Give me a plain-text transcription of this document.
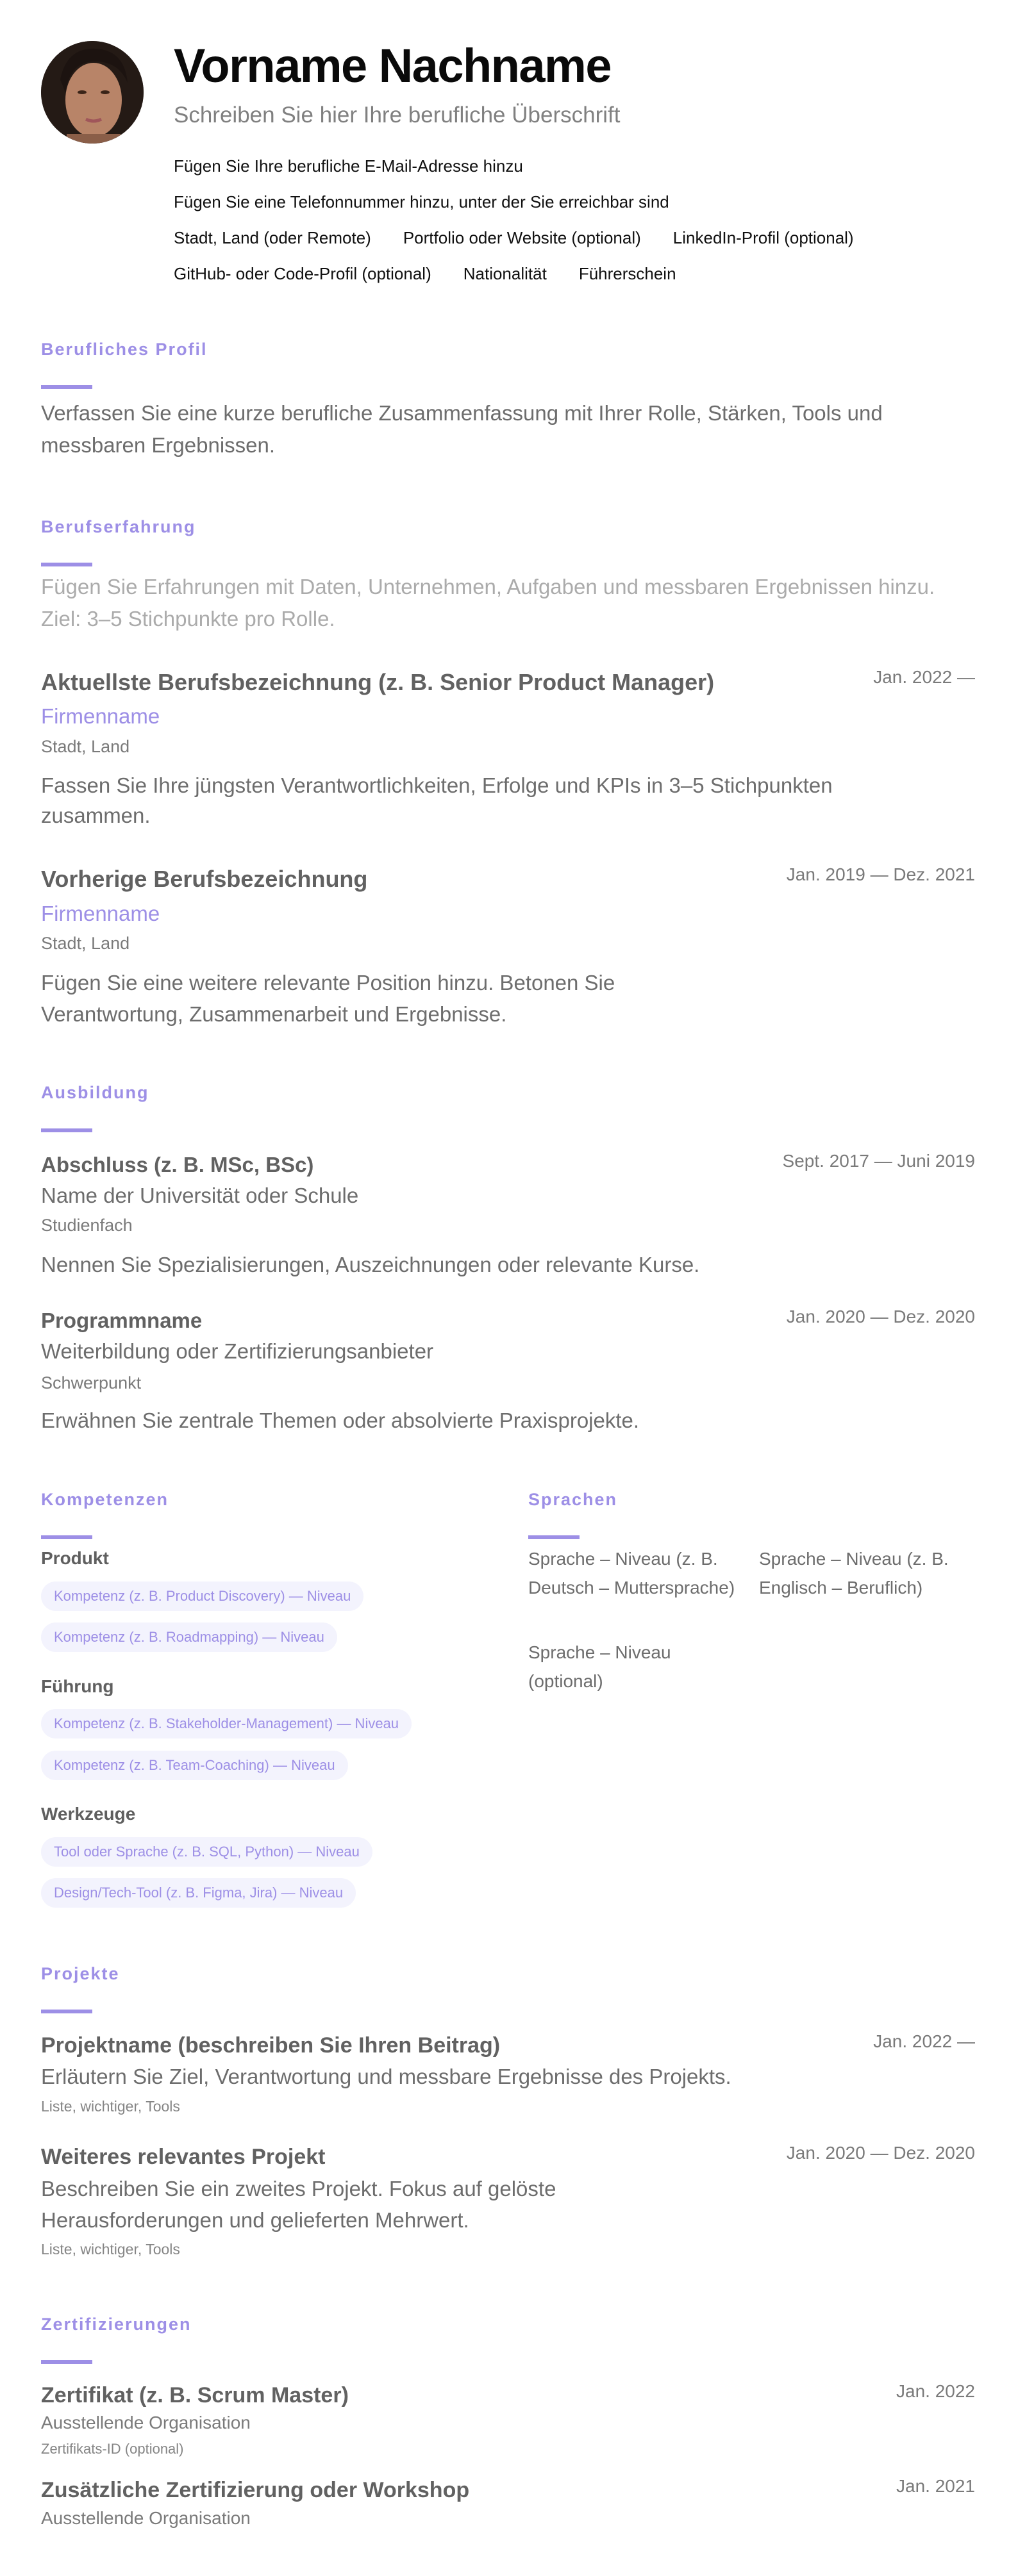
Vorname Nachname
Schreiben Sie hier Ihre berufliche Überschrift
Fügen Sie Ihre berufliche E-Mail-Adresse hinzu
Fügen Sie eine Telefonnummer hinzu, unter der Sie erreichbar sind
Stadt, Land (oder Remote) Portfolio oder Website (optional) LinkedIn-Profil (optional)
GitHub- oder Code-Profil (optional) Nationalität Führerschein
Berufliches Profil
Verfassen Sie eine kurze berufliche Zusammenfassung mit Ihrer Rolle, Stärken, Tools und messbaren Ergebnissen.
Berufserfahrung
Fügen Sie Erfahrungen mit Daten, Unternehmen, Aufgaben und messbaren Ergebnissen hinzu. Ziel: 3–5 Stichpunkte pro Rolle.
Aktuellste Berufsbezeichnung (z. B. Senior Product Manager)	Jan. 2022 —
Firmenname
Stadt, Land
Fassen Sie Ihre jüngsten Verantwortlichkeiten, Erfolge und KPIs in 3–5 Stichpunkten zusammen.
Vorherige Berufsbezeichnung	Jan. 2019 — Dez. 2021
Firmenname
Stadt, Land
Fügen Sie eine weitere relevante Position hinzu. Betonen Sie Verantwortung, Zusammenarbeit und Ergebnisse.
Ausbildung
Abschluss (z. B. MSc, BSc)	Sept. 2017 — Juni 2019
Name der Universität oder Schule
Studienfach
Nennen Sie Spezialisierungen, Auszeichnungen oder relevante Kurse.
Programmname	Jan. 2020 — Dez. 2020
Weiterbildung oder Zertifizierungsanbieter
Schwerpunkt
Erwähnen Sie zentrale Themen oder absolvierte Praxisprojekte.
Kompetenzen
Produkt
Kompetenz (z. B. Product Discovery) — Niveau
Kompetenz (z. B. Roadmapping) — Niveau
Führung
Kompetenz (z. B. Stakeholder-Management) — Niveau
Kompetenz (z. B. Team-Coaching) — Niveau
Werkzeuge
Tool oder Sprache (z. B. SQL, Python) — Niveau
Design/Tech-Tool (z. B. Figma, Jira) — Niveau
Sprachen
Sprache – Niveau (z. B. Deutsch – Muttersprache)
Sprache – Niveau (z. B. Englisch – Beruflich)
Sprache – Niveau (optional)
Projekte
Projektname (beschreiben Sie Ihren Beitrag)	Jan. 2022 —
Erläutern Sie Ziel, Verantwortung und messbare Ergebnisse des Projekts.
Liste, wichtiger, Tools
Weiteres relevantes Projekt	Jan. 2020 — Dez. 2020
Beschreiben Sie ein zweites Projekt. Fokus auf gelöste Herausforderungen und gelieferten Mehrwert.
Liste, wichtiger, Tools
Zertifizierungen
Zertifikat (z. B. Scrum Master)	Jan. 2022
Ausstellende Organisation
Zertifikats-ID (optional)
Zusätzliche Zertifizierung oder Workshop	Jan. 2021
Ausstellende Organisation
